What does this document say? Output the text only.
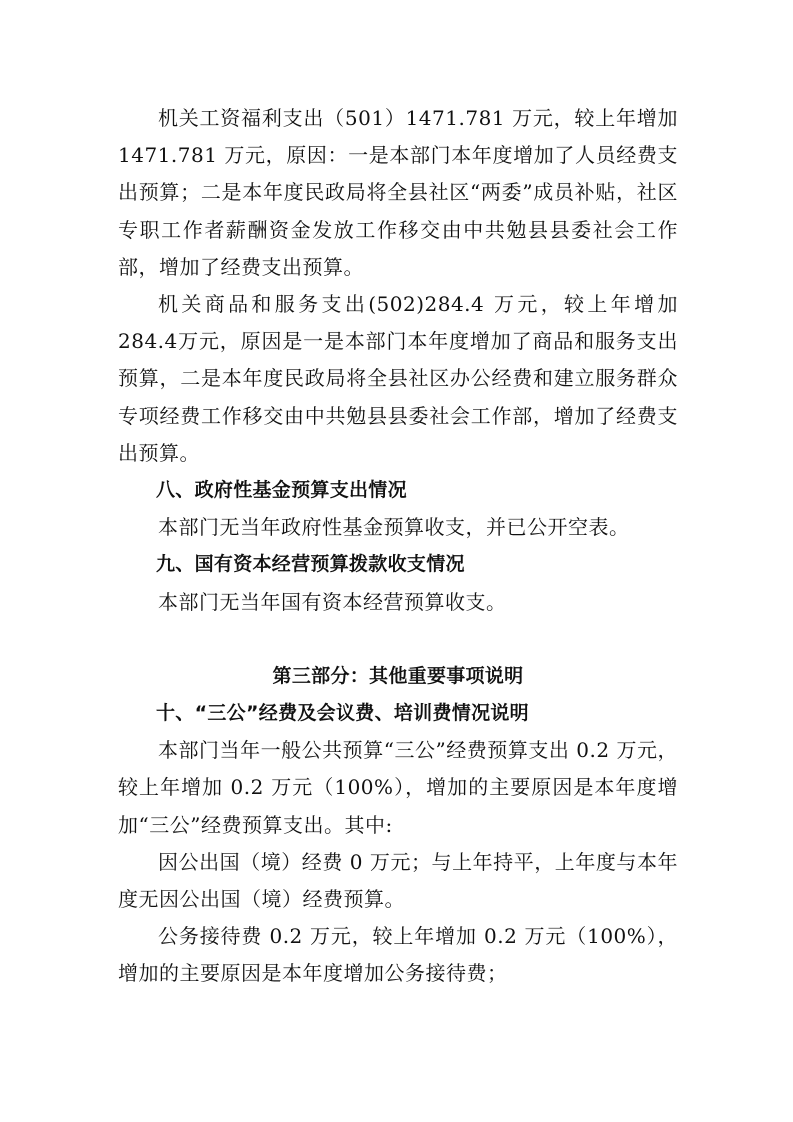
机关工资福利支出（501）1471.781 万元，较上年增加1471.781 万元，原因：一是本部门本年度增加了人员经费支出预算；二是本年度民政局将全县社区“两委”成员补贴，社区专职工作者薪酬资金发放工作移交由中共勉县县委社会工作部，增加了经费支出预算。

机关商品和服务支出(502)284.4 万元，较上年增加 284.4万元，原因是一是本部门本年度增加了商品和服务支出预算，二是本年度民政局将全县社区办公经费和建立服务群众专项经费工作移交由中共勉县县委社会工作部，增加了经费支出预算。

八、政府性基金预算支出情况

本部门无当年政府性基金预算收支，并已公开空表。

九、国有资本经营预算拨款收支情况

本部门无当年国有资本经营预算收支。

第三部分：其他重要事项说明

十、“三公”经费及会议费、培训费情况说明

本部门当年一般公共预算“三公”经费预算支出 0.2 万元，较上年增加 0.2 万元（100%），增加的主要原因是本年度增加“三公”经费预算支出。其中:

因公出国（境）经费 0 万元；与上年持平，上年度与本年度无因公出国（境）经费预算。

公务接待费 0.2 万元，较上年增加 0.2 万元（100%），增加的主要原因是本年度增加公务接待费；
